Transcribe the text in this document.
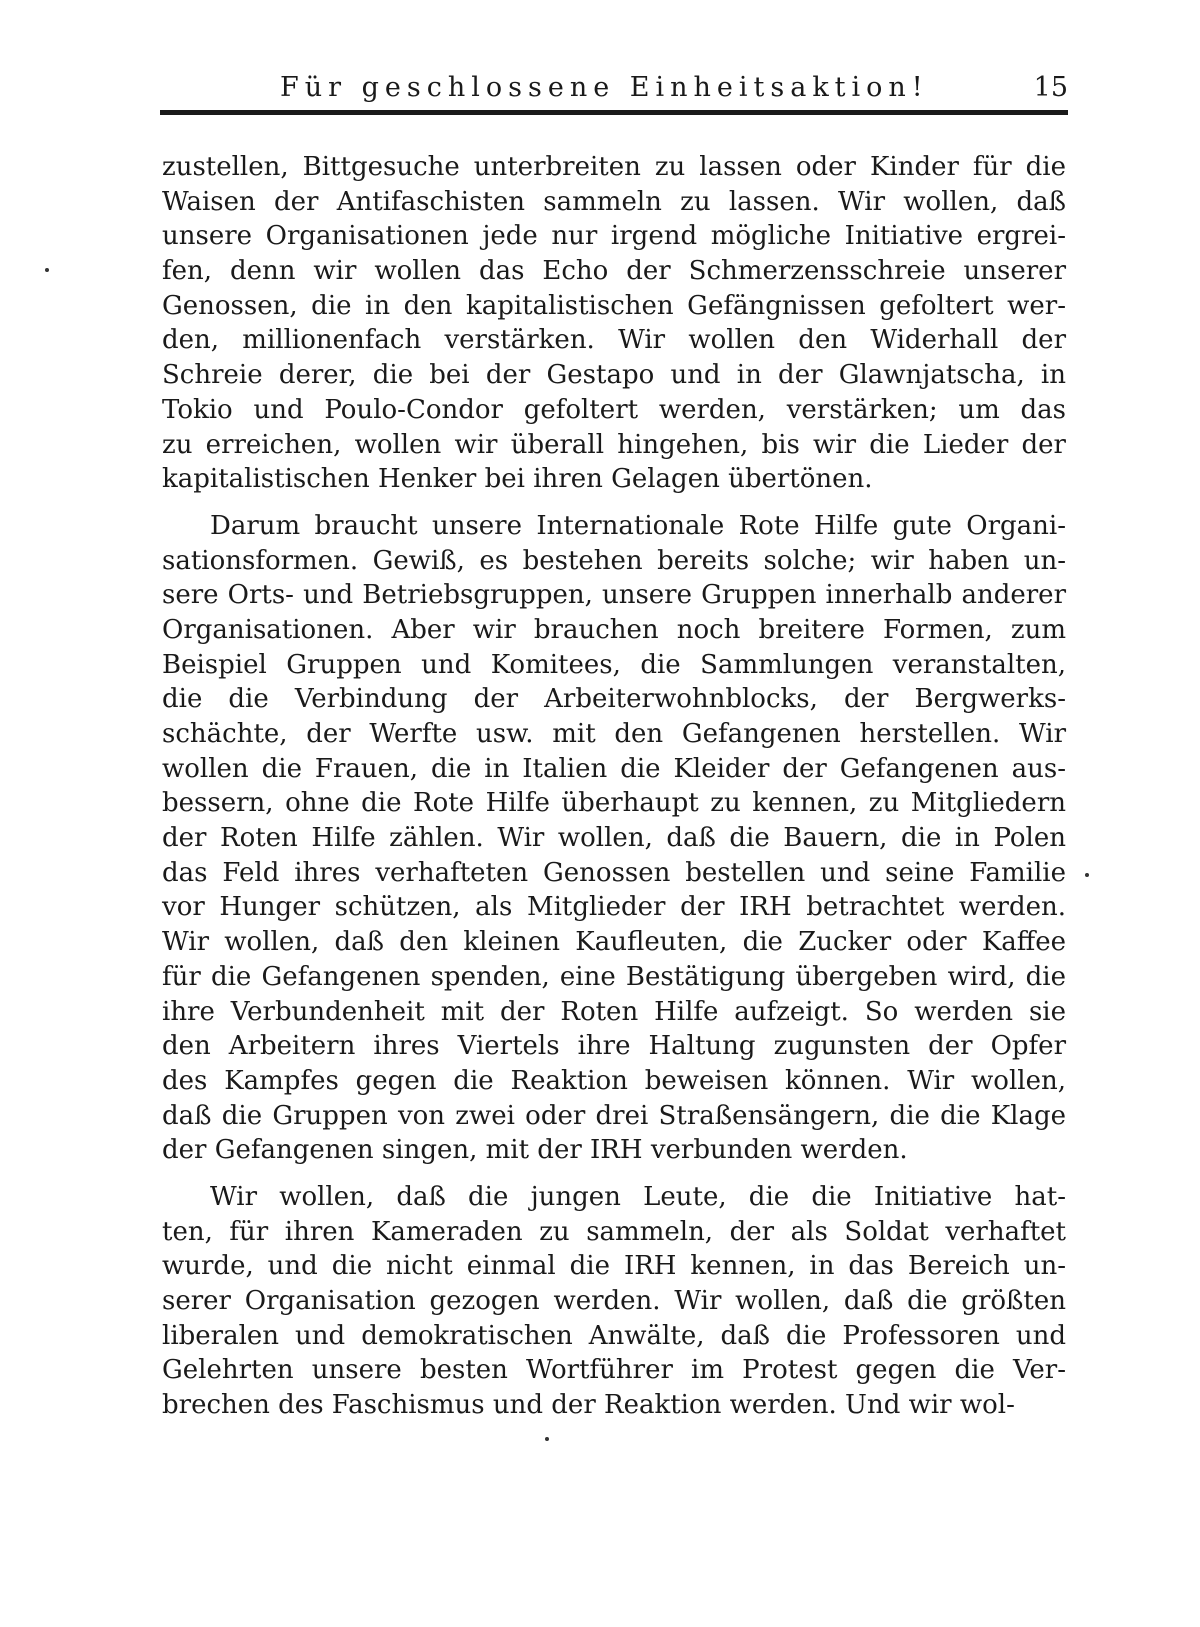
Für geschlossene Einheitsaktion!	15
zustellen, Bittgesuche unterbreiten zu lassen oder Kinder für die
Waisen der Antifaschisten sammeln zu lassen. Wir wollen, daß
unsere Organisationen jede nur irgend mögliche Initiative ergrei-
fen, denn wir wollen das Echo der Schmerzensschreie unserer
Genossen, die in den kapitalistischen Gefängnissen gefoltert wer-
den, millionenfach verstärken. Wir wollen den Widerhall der
Schreie derer, die bei der Gestapo und in der Glawnjatscha, in
Tokio und Poulo-Condor gefoltert werden, verstärken; um das
zu erreichen, wollen wir überall hingehen, bis wir die Lieder der
kapitalistischen Henker bei ihren Gelagen übertönen.
Darum braucht unsere Internationale Rote Hilfe gute Organi-
sationsformen. Gewiß, es bestehen bereits solche; wir haben un-
sere Orts- und Betriebsgruppen, unsere Gruppen innerhalb anderer
Organisationen. Aber wir brauchen noch breitere Formen, zum
Beispiel Gruppen und Komitees, die Sammlungen veranstalten,
die die Verbindung der Arbeiterwohnblocks, der Bergwerks-
schächte, der Werfte usw. mit den Gefangenen herstellen. Wir
wollen die Frauen, die in Italien die Kleider der Gefangenen aus-
bessern, ohne die Rote Hilfe überhaupt zu kennen, zu Mitgliedern
der Roten Hilfe zählen. Wir wollen, daß die Bauern, die in Polen
das Feld ihres verhafteten Genossen bestellen und seine Familie
vor Hunger schützen, als Mitglieder der IRH betrachtet werden.
Wir wollen, daß den kleinen Kaufleuten, die Zucker oder Kaffee
für die Gefangenen spenden, eine Bestätigung übergeben wird, die
ihre Verbundenheit mit der Roten Hilfe aufzeigt. So werden sie
den Arbeitern ihres Viertels ihre Haltung zugunsten der Opfer
des Kampfes gegen die Reaktion beweisen können. Wir wollen,
daß die Gruppen von zwei oder drei Straßensängern, die die Klage
der Gefangenen singen, mit der IRH verbunden werden.
Wir wollen, daß die jungen Leute, die die Initiative hat-
ten, für ihren Kameraden zu sammeln, der als Soldat verhaftet
wurde, und die nicht einmal die IRH kennen, in das Bereich un-
serer Organisation gezogen werden. Wir wollen, daß die größten
liberalen und demokratischen Anwälte, daß die Professoren und
Gelehrten unsere besten Wortführer im Protest gegen die Ver-
brechen des Faschismus und der Reaktion werden. Und wir wol-
